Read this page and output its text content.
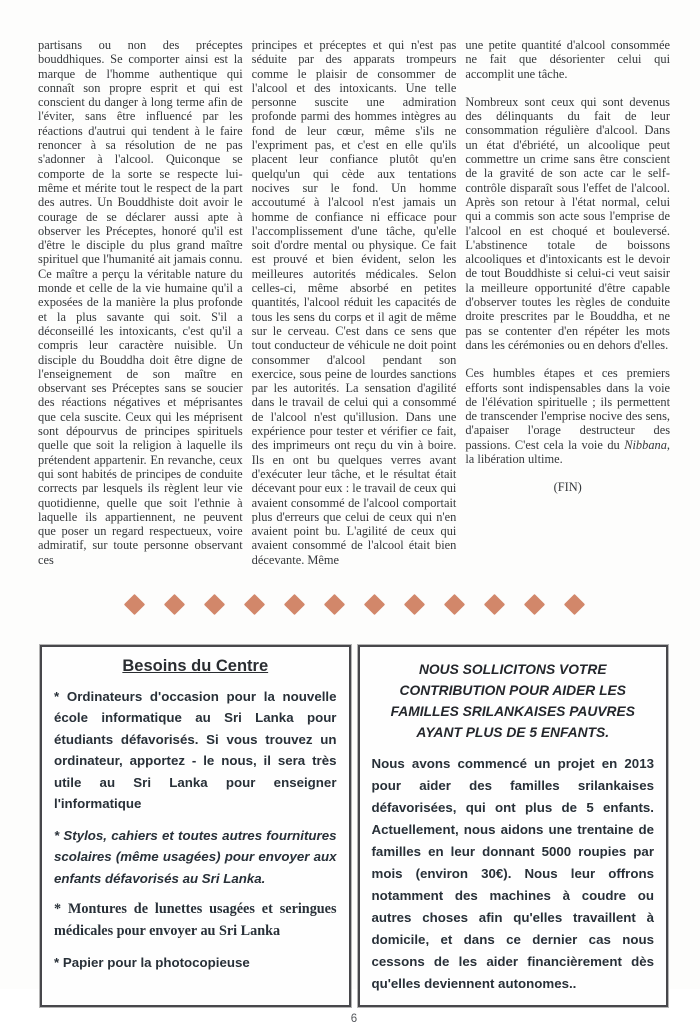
partisans ou non des préceptes bouddhiques. Se comporter ainsi est la marque de l'homme authentique qui connaît son propre esprit et qui est conscient du danger à long terme afin de l'éviter, sans être influencé par les réactions d'autrui qui tendent à le faire renoncer à sa résolution de ne pas s'adonner à l'alcool. Quiconque se comporte de la sorte se respecte lui-même et mérite tout le respect de la part des autres. Un Bouddhiste doit avoir le courage de se déclarer aussi apte à observer les Préceptes, honoré qu'il est d'être le disciple du plus grand maître spirituel que l'humanité ait jamais connu. Ce maître a perçu la véritable nature du monde et celle de la vie humaine qu'il a exposées de la manière la plus profonde et la plus savante qui soit. S'il a déconseillé les intoxicants, c'est qu'il a compris leur caractère nuisible. Un disciple du Bouddha doit être digne de l'enseignement de son maître en observant ses Préceptes sans se soucier des réactions négatives et méprisantes que cela suscite. Ceux qui les méprisent sont dépourvus de principes spirituels quelle que soit la religion à laquelle ils prétendent appartenir. En revanche, ceux qui sont habités de principes de conduite corrects par lesquels ils règlent leur vie quotidienne, quelle que soit l'ethnie à laquelle ils appartiennent, ne peuvent que poser un regard respectueux, voire admiratif, sur toute personne observant ces

principes et préceptes et qui n'est pas séduite par des apparats trompeurs comme le plaisir de consommer de l'alcool et des intoxicants. Une telle personne suscite une admiration profonde parmi des hommes intègres au fond de leur cœur, même s'ils ne l'expriment pas, et c'est en elle qu'ils placent leur confiance plutôt qu'en quelqu'un qui cède aux tentations nocives sur le fond. Un homme accoutumé à l'alcool n'est jamais un homme de confiance ni efficace pour l'accomplissement d'une tâche, qu'elle soit d'ordre mental ou physique. Ce fait est prouvé et bien évident, selon les meilleures autorités médicales. Selon celles-ci, même absorbé en petites quantités, l'alcool réduit les capacités de tous les sens du corps et il agit de même sur le cerveau. C'est dans ce sens que tout conducteur de véhicule ne doit point consommer d'alcool pendant son exercice, sous peine de lourdes sanctions par les autorités. La sensation d'agilité dans le travail de celui qui a consommé de l'alcool n'est qu'illusion. Dans une expérience pour tester et vérifier ce fait, des imprimeurs ont reçu du vin à boire. Ils en ont bu quelques verres avant d'exécuter leur tâche, et le résultat était décevant pour eux : le travail de ceux qui avaient consommé de l'alcool comportait plus d'erreurs que celui de ceux qui n'en avaient point bu. L'agilité de ceux qui avaient consommé de l'alcool était bien décevante. Même

une petite quantité d'alcool consommée ne fait que désorienter celui qui accomplit une tâche.

Nombreux sont ceux qui sont devenus des délinquants du fait de leur consommation régulière d'alcool. Dans un état d'ébriété, un alcoolique peut commettre un crime sans être conscient de la gravité de son acte car le self-contrôle disparaît sous l'effet de l'alcool. Après son retour à l'état normal, celui qui a commis son acte sous l'emprise de l'alcool en est choqué et bouleversé. L'abstinence totale de boissons alcooliques et d'intoxicants est le devoir de tout Bouddhiste si celui-ci veut saisir la meilleure opportunité d'être capable d'observer toutes les règles de conduite droite prescrites par le Bouddha, et ne pas se contenter d'en répéter les mots dans les cérémonies ou en dehors d'elles.

Ces humbles étapes et ces premiers efforts sont indispensables dans la voie de l'élévation spirituelle ; ils permettent de transcender l'emprise nocive des sens, d'apaiser l'orage destructeur des passions. C'est cela la voie du Nibbana, la libération ultime.

(FIN)

Besoins du Centre

* Ordinateurs d'occasion pour la nouvelle école informatique au Sri Lanka pour étudiants défavorisés. Si vous trouvez un ordinateur, apportez - le nous, il sera très utile au Sri Lanka pour enseigner l'informatique

* Stylos, cahiers et toutes autres fournitures scolaires (même usagées) pour envoyer aux enfants défavorisés au Sri Lanka.

* Montures de lunettes usagées et seringues médicales pour envoyer au Sri Lanka

* Papier pour la photocopieuse

NOUS SOLLICITONS VOTRE CONTRIBUTION POUR AIDER LES FAMILLES SRILANKAISES PAUVRES AYANT PLUS DE 5 ENFANTS.

Nous avons commencé un projet en 2013 pour aider des familles srilankaises défavorisées, qui ont plus de 5 enfants. Actuellement, nous aidons une trentaine de familles en leur donnant 5000 roupies par mois (environ 30€). Nous leur offrons notamment des machines à coudre ou autres choses afin qu'elles travaillent à domicile, et dans ce dernier cas nous cessons de les aider financièrement dès qu'elles deviennent autonomes..

6
